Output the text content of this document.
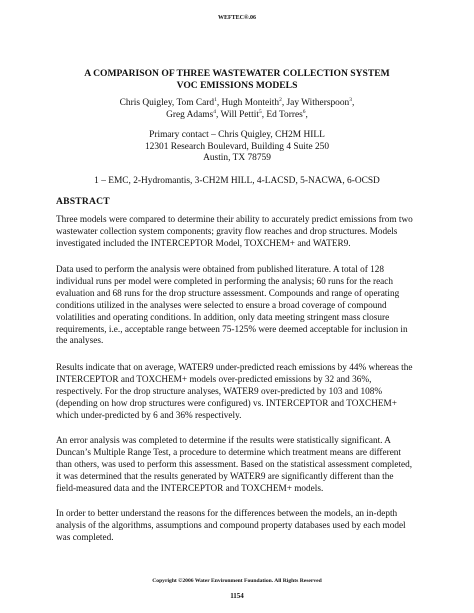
WEFTEC®.06
A COMPARISON OF THREE WASTEWATER COLLECTION SYSTEM
VOC EMISSIONS MODELS
Chris Quigley, Tom Card$^1$, Hugh Monteith$^2$, Jay Witherspoon$^3$,
Greg Adams$^4$, Will Pettit$^5$, Ed Torres$^6$,
Primary contact – Chris Quigley, CH2M HILL
12301 Research Boulevard, Building 4 Suite 250
Austin, TX 78759
1 – EMC, 2-Hydromantis, 3-CH2M HILL, 4-LACSD, 5-NACWA, 6-OCSD
ABSTRACT
Three models were compared to determine their ability to accurately predict emissions from two
wastewater collection system components; gravity flow reaches and drop structures. Models
investigated included the INTERCEPTOR Model, TOXCHEM+ and WATER9.
Data used to perform the analysis were obtained from published literature. A total of 128
individual runs per model were completed in performing the analysis; 60 runs for the reach
evaluation and 68 runs for the drop structure assessment. Compounds and range of operating
conditions utilized in the analyses were selected to ensure a broad coverage of compound
volatilities and operating conditions. In addition, only data meeting stringent mass closure
requirements, i.e., acceptable range between 75-125% were deemed acceptable for inclusion in
the analyses.
Results indicate that on average, WATER9 under-predicted reach emissions by 44% whereas the
INTERCEPTOR and TOXCHEM+ models over-predicted emissions by 32 and 36%,
respectively. For the drop structure analyses, WATER9 over-predicted by 103 and 108%
(depending on how drop structures were configured) vs. INTERCEPTOR and TOXCHEM+
which under-predicted by 6 and 36% respectively.
An error analysis was completed to determine if the results were statistically significant. A
Duncan’s Multiple Range Test, a procedure to determine which treatment means are different
than others, was used to perform this assessment. Based on the statistical assessment completed,
it was determined that the results generated by WATER9 are significantly different than the
field-measured data and the INTERCEPTOR and TOXCHEM+ models.
In order to better understand the reasons for the differences between the models, an in-depth
analysis of the algorithms, assumptions and compound property databases used by each model
was completed.
Copyright ©2006 Water Environment Foundation. All Rights Reserved
1154
